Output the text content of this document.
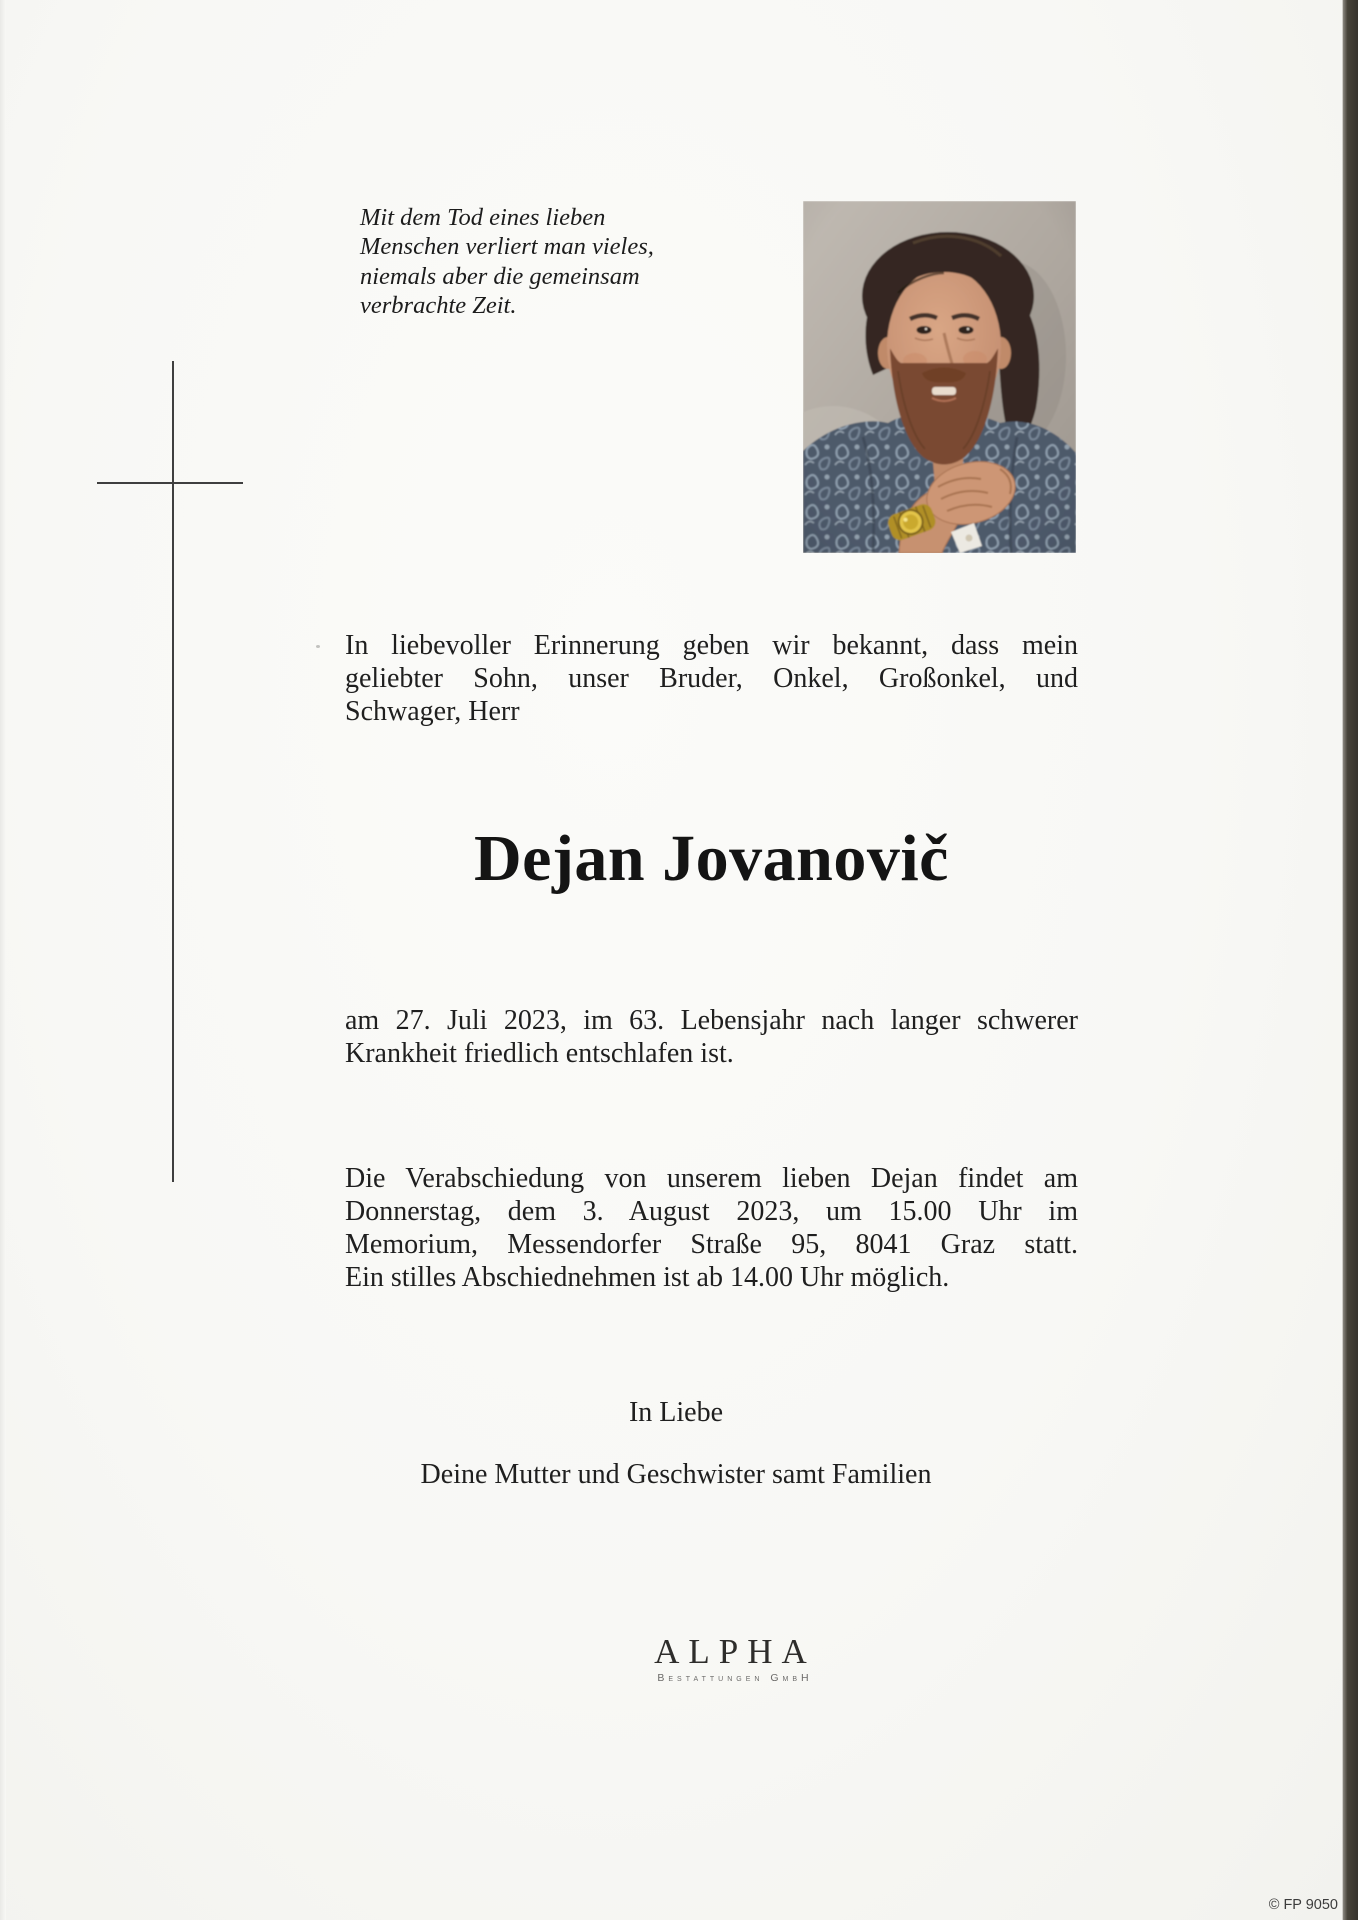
Mit dem Tod eines lieben
Menschen verliert man vieles,
niemals aber die gemeinsam
verbrachte Zeit.
In liebevoller Erinnerung geben wir bekannt, dass mein
geliebter Sohn, unser Bruder, Onkel, Großonkel, und
Schwager, Herr
Dejan Jovanovič
am 27. Juli 2023, im 63. Lebensjahr nach langer schwerer
Krankheit friedlich entschlafen ist.
Die Verabschiedung von unserem lieben Dejan findet am
Donnerstag, dem 3. August 2023, um 15.00 Uhr im
Memorium, Messendorfer Straße 95, 8041 Graz statt.
Ein stilles Abschiednehmen ist ab 14.00 Uhr möglich.
In Liebe
Deine Mutter und Geschwister samt Familien
ALPHA
Bestattungen GmbH
© FP 9050
